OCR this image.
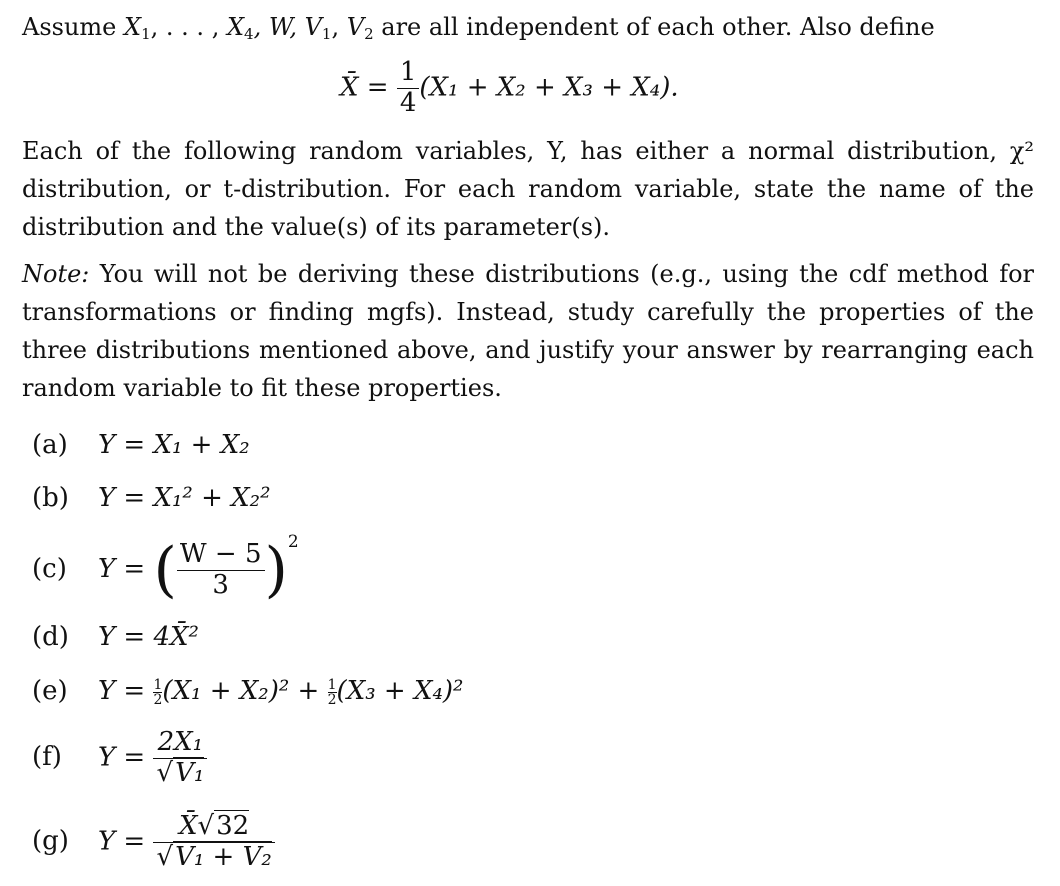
Assume $X_1$, . . . , $X_4$, W, $V_1$, $V_2$ are all independent of each other. Also define
X̄ = $\frac{1}{4} (X_1 + X_2 + X_3 + X_4)$.
Each of the following random variables, Y, has either a normal distribution, χ²
distribution, or t-distribution. For each random variable, state the name of the
distribution and the value(s) of its parameter(s).
Note: You will not be deriving these distributions (e.g., using the cdf method for
transformations or finding mgfs). Instead, study carefully the properties of the
three distributions mentioned above, and justify your answer by rearranging each
random variable to fit these properties.
(a) Y = X₁ + X₂
(b) Y = X₁² + X₂²
(c) Y = ( $\frac{W - 5}{3} )^2$
(d) Y = 4X̄²
(e) $Y = \frac{1}{2} (X_1 + X_2)^2 + \frac{1}{2} (X_3 + X_4)^2$
(f) $Y = \frac{\text{2X₁}}{\text{√V₁}}$
(g) $Y = \frac{X̄√32}{\text{√V₁ + V₂}}$
